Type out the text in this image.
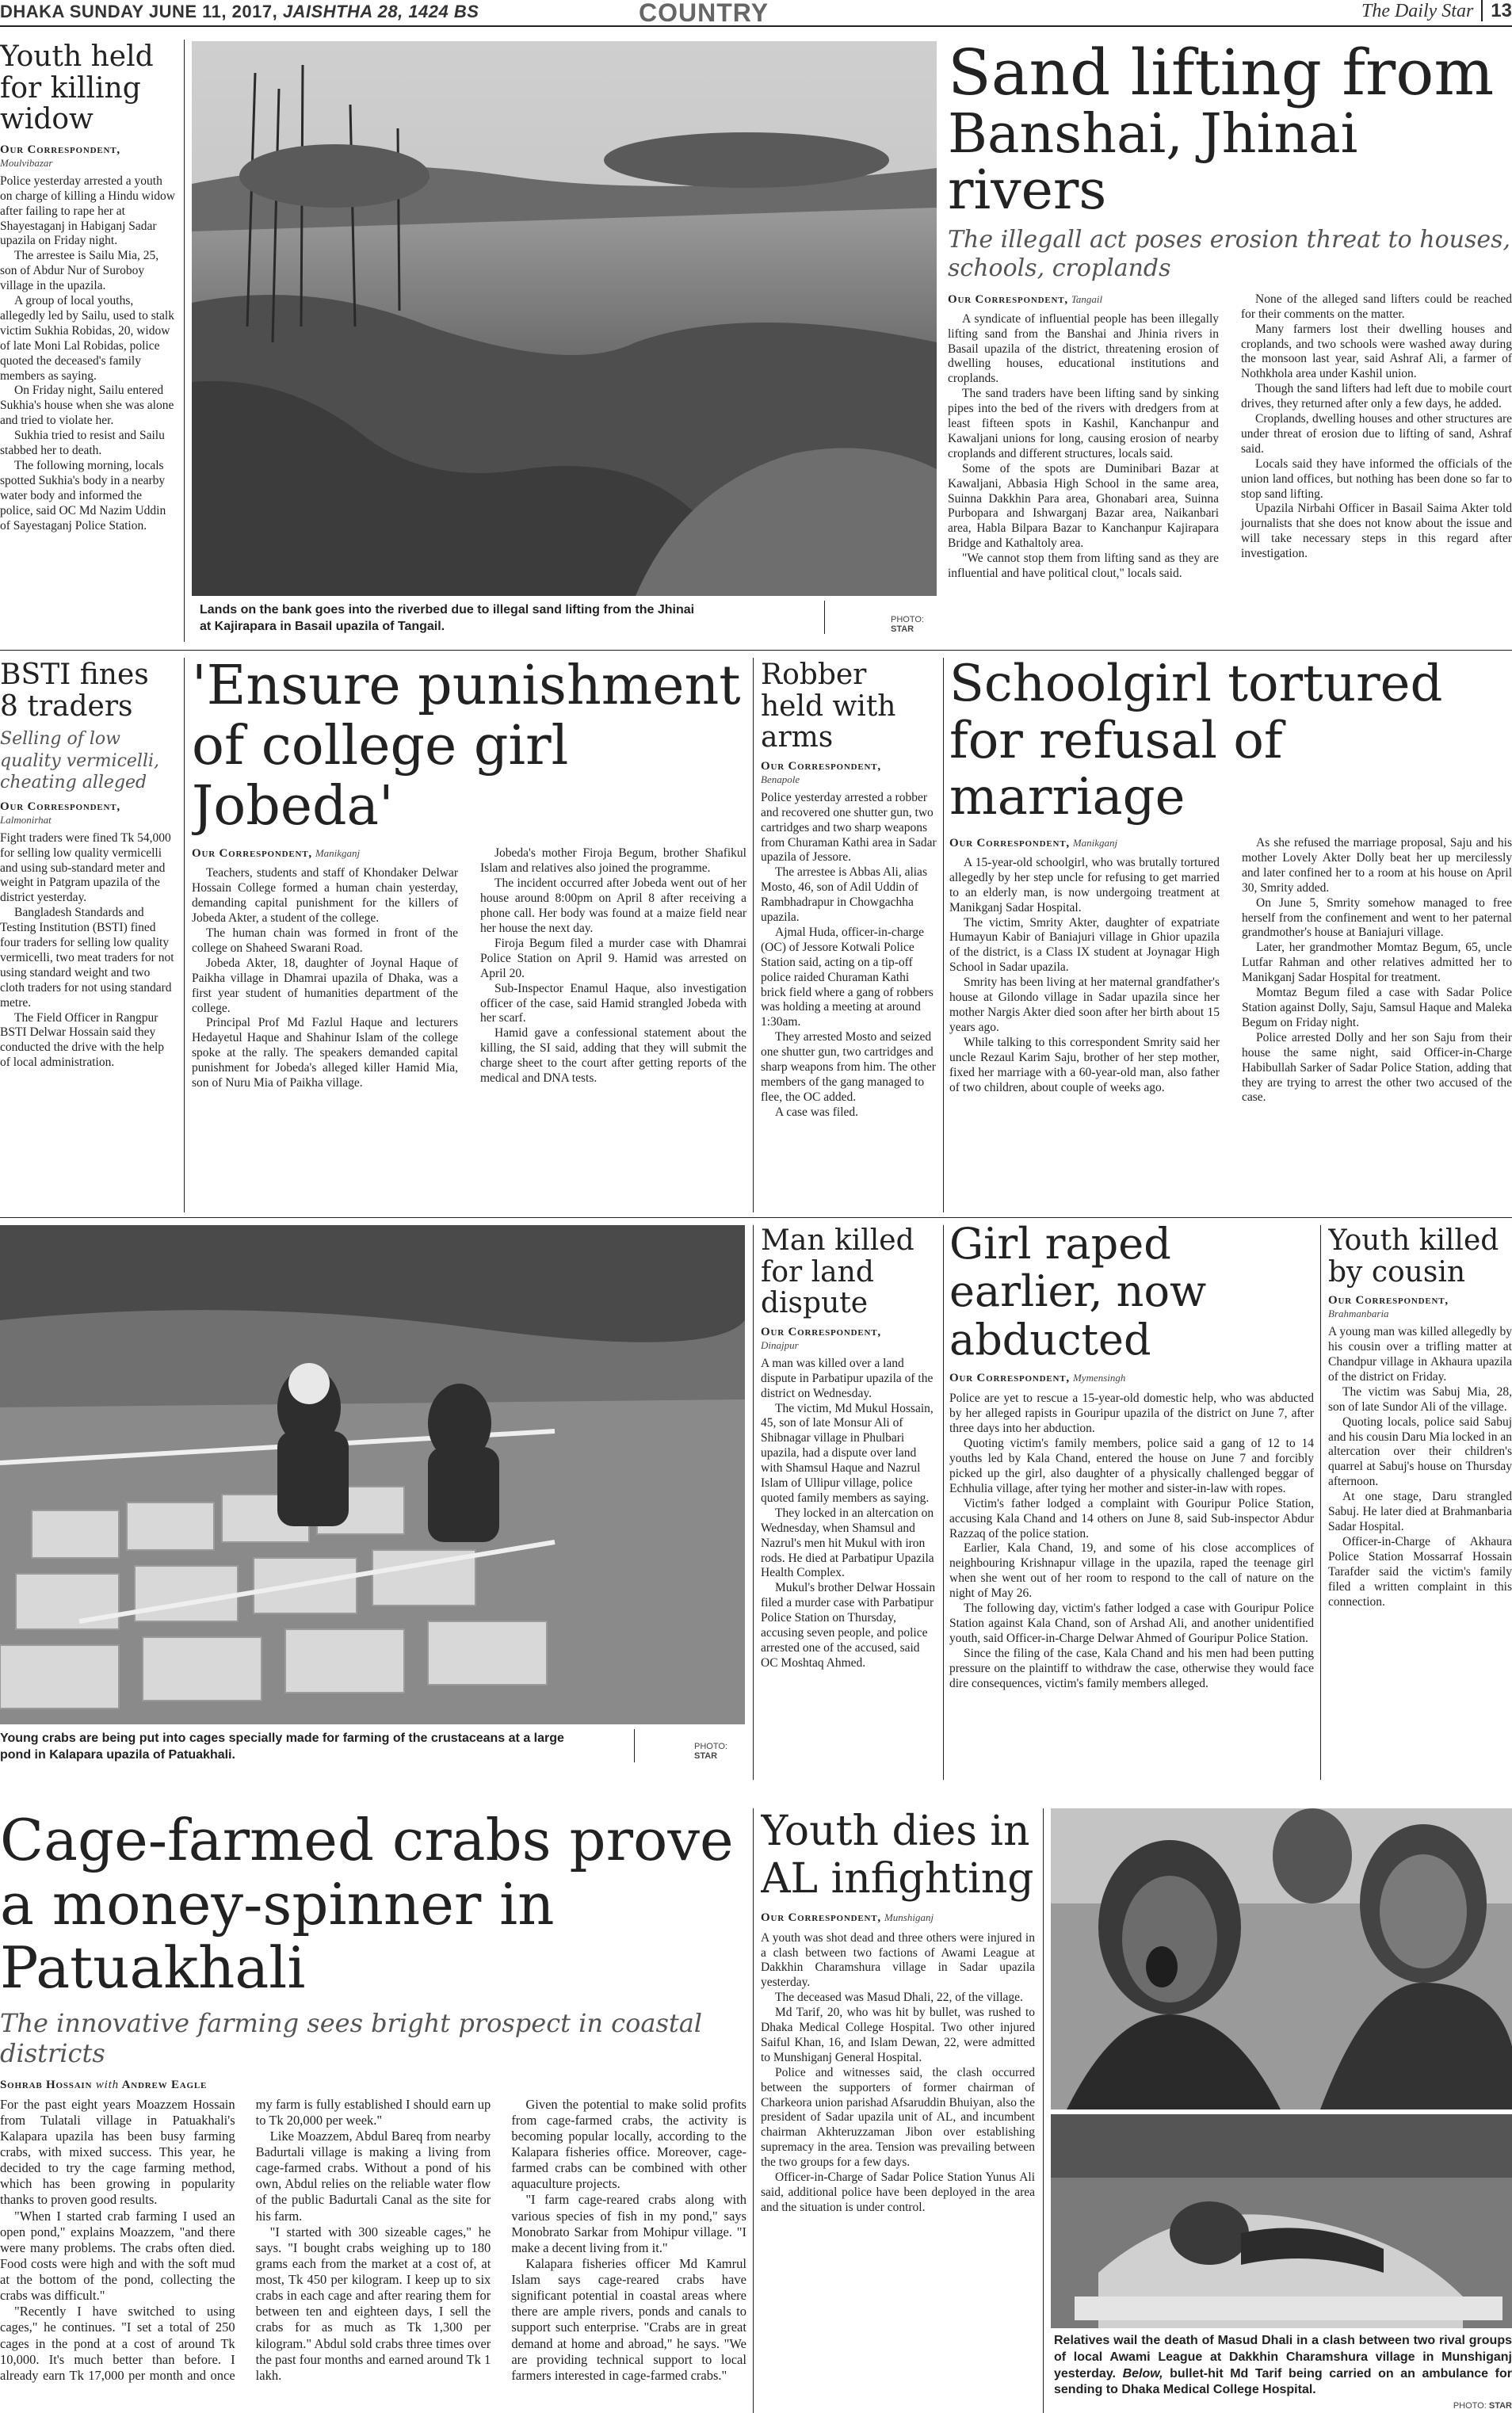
DHAKA SUNDAY JUNE 11, 2017, JAISHTHA 28, 1424 BS	COUNTRY	The Daily Star 13
Youth held for killing widow
Our Correspondent,
Moulvibazar

Police yesterday arrested a youth on charge of killing a Hindu widow after failing to rape her at Shayestaganj in Habiganj Sadar upazila on Friday night.

The arrestee is Sailu Mia, 25, son of Abdur Nur of Suroboy village in the upazila.

A group of local youths, allegedly led by Sailu, used to stalk victim Sukhia Robidas, 20, widow of late Moni Lal Robidas, police quoted the deceased's family members as saying.

On Friday night, Sailu entered Sukhia's house when she was alone and tried to violate her.

Sukhia tried to resist and Sailu stabbed her to death.

The following morning, locals spotted Sukhia's body in a nearby water body and informed the police, said OC Md Nazim Uddin of Sayestaganj Police Station.

Lands on the bank goes into the riverbed due to illegal sand lifting from the Jhinai at Kajirapara in Basail upazila of Tangail.	PHOTO:
STAR
Sand lifting from
Banshai, Jhinai rivers
The illegall act poses erosion threat to houses, schools, croplands
Our Correspondent, Tangail

A syndicate of influential people has been illegally lifting sand from the Banshai and Jhinia rivers in Basail upazila of the district, threatening erosion of dwelling houses, educational institutions and croplands.

The sand traders have been lifting sand by sinking pipes into the bed of the rivers with dredgers from at least fifteen spots in Kashil, Kanchanpur and Kawaljani unions for long, causing erosion of nearby croplands and different structures, locals said.

Some of the spots are Duminibari Bazar at Kawaljani, Abbasia High School in the same area, Suinna Dakkhin Para area, Ghonabari area, Suinna Purbopara and Ishwarganj Bazar area, Naikanbari area, Habla Bilpara Bazar to Kanchanpur Kajirapara Bridge and Kathaltoly area.

"We cannot stop them from lifting sand as they are influential and have political clout," locals said.

None of the alleged sand lifters could be reached for their comments on the matter.

Many farmers lost their dwelling houses and croplands, and two schools were washed away during the monsoon last year, said Ashraf Ali, a farmer of Nothkhola area under Kashil union.

Though the sand lifters had left due to mobile court drives, they returned after only a few days, he added.

Croplands, dwelling houses and other structures are under threat of erosion due to lifting of sand, Ashraf said.

Locals said they have informed the officials of the union land offices, but nothing has been done so far to stop sand lifting.

Upazila Nirbahi Officer in Basail Saima Akter told journalists that she does not know about the issue and will take necessary steps in this regard after investigation.

BSTI fines 8 traders
Selling of low quality vermicelli, cheating alleged
Our Correspondent,
Lalmonirhat

Fight traders were fined Tk 54,000 for selling low quality vermicelli and using sub-standard meter and weight in Patgram upazila of the district yesterday.

Bangladesh Standards and Testing Institution (BSTI) fined four traders for selling low quality vermicelli, two meat traders for not using standard weight and two cloth traders for not using standard metre.

The Field Officer in Rangpur BSTI Delwar Hossain said they conducted the drive with the help of local administration.

'Ensure punishment of college girl Jobeda'
Our Correspondent, Manikganj

Teachers, students and staff of Khondaker Delwar Hossain College formed a human chain yesterday, demanding capital punishment for the killers of Jobeda Akter, a student of the college.

The human chain was formed in front of the college on Shaheed Swarani Road.

Jobeda Akter, 18, daughter of Joynal Haque of Paikha village in Dhamrai upazila of Dhaka, was a first year student of humanities department of the college.

Principal Prof Md Fazlul Haque and lecturers Hedayetul Haque and Shahinur Islam of the college spoke at the rally. The speakers demanded capital punishment for Jobeda's alleged killer Hamid Mia, son of Nuru Mia of Paikha village.

Jobeda's mother Firoja Begum, brother Shafikul Islam and relatives also joined the programme.

The incident occurred after Jobeda went out of her house around 8:00pm on April 8 after receiving a phone call. Her body was found at a maize field near her house the next day.

Firoja Begum filed a murder case with Dhamrai Police Station on April 9. Hamid was arrested on April 20.

Sub-Inspector Enamul Haque, also investigation officer of the case, said Hamid strangled Jobeda with her scarf.

Hamid gave a confessional statement about the killing, the SI said, adding that they will submit the charge sheet to the court after getting reports of the medical and DNA tests.

Robber held with arms
Our Correspondent,
Benapole

Police yesterday arrested a robber and recovered one shutter gun, two cartridges and two sharp weapons from Churaman Kathi area in Sadar upazila of Jessore.

The arrestee is Abbas Ali, alias Mosto, 46, son of Adil Uddin of Rambhadrapur in Chowgachha upazila.

Ajmal Huda, officer-in-charge (OC) of Jessore Kotwali Police Station said, acting on a tip-off police raided Churaman Kathi brick field where a gang of robbers was holding a meeting at around 1:30am.

They arrested Mosto and seized one shutter gun, two cartridges and sharp weapons from him. The other members of the gang managed to flee, the OC added.

A case was filed.

Schoolgirl tortured for refusal of marriage
Our Correspondent, Manikganj

A 15-year-old schoolgirl, who was brutally tortured allegedly by her step uncle for refusing to get married to an elderly man, is now undergoing treatment at Manikganj Sadar Hospital.

The victim, Smrity Akter, daughter of expatriate Humayun Kabir of Baniajuri village in Ghior upazila of the district, is a Class IX student at Joynagar High School in Sadar upazila.

Smrity has been living at her maternal grandfather's house at Gilondo village in Sadar upazila since her mother Nargis Akter died soon after her birth about 15 years ago.

While talking to this correspondent Smrity said her uncle Rezaul Karim Saju, brother of her step mother, fixed her marriage with a 60-year-old man, also father of two children, about couple of weeks ago.

As she refused the marriage proposal, Saju and his mother Lovely Akter Dolly beat her up mercilessly and later confined her to a room at his house on April 30, Smrity added.

On June 5, Smrity somehow managed to free herself from the confinement and went to her paternal grandmother's house at Baniajuri village.

Later, her grandmother Momtaz Begum, 65, uncle Lutfar Rahman and other relatives admitted her to Manikganj Sadar Hospital for treatment.

Momtaz Begum filed a case with Sadar Police Station against Dolly, Saju, Samsul Haque and Maleka Begum on Friday night.

Police arrested Dolly and her son Saju from their house the same night, said Officer-in-Charge Habibullah Sarker of Sadar Police Station, adding that they are trying to arrest the other two accused of the case.

Young crabs are being put into cages specially made for farming of the crustaceans at a large pond in Kalapara upazila of Patuakhali.
PHOTO:
STAR
Man killed for land dispute
Our Correspondent,
Dinajpur

A man was killed over a land dispute in Parbatipur upazila of the district on Wednesday.

The victim, Md Mukul Hossain, 45, son of late Monsur Ali of Shibnagar village in Phulbari upazila, had a dispute over land with Shamsul Haque and Nazrul Islam of Ullipur village, police quoted family members as saying.

They locked in an altercation on Wednesday, when Shamsul and Nazrul's men hit Mukul with iron rods. He died at Parbatipur Upazila Health Complex.

Mukul's brother Delwar Hossain filed a murder case with Parbatipur Police Station on Thursday, accusing seven people, and police arrested one of the accused, said OC Moshtaq Ahmed.

Girl raped earlier, now abducted
Our Correspondent, Mymensingh

Police are yet to rescue a 15-year-old domestic help, who was abducted by her alleged rapists in Gouripur upazila of the district on June 7, after three days into her abduction.

Quoting victim's family members, police said a gang of 12 to 14 youths led by Kala Chand, entered the house on June 7 and forcibly picked up the girl, also daughter of a physically challenged beggar of Echhulia village, after tying her mother and sister-in-law with ropes.

Victim's father lodged a complaint with Gouripur Police Station, accusing Kala Chand and 14 others on June 8, said Sub-inspector Abdur Razzaq of the police station.

Earlier, Kala Chand, 19, and some of his close accomplices of neighbouring Krishnapur village in the upazila, raped the teenage girl when she went out of her room to respond to the call of nature on the night of May 26.

The following day, victim's father lodged a case with Gouripur Police Station against Kala Chand, son of Arshad Ali, and another unidentified youth, said Officer-in-Charge Delwar Ahmed of Gouripur Police Station.

Since the filing of the case, Kala Chand and his men had been putting pressure on the plaintiff to withdraw the case, otherwise they would face dire consequences, victim's family members alleged.

Youth killed by cousin
Our Correspondent,
Brahmanbaria

A young man was killed allegedly by his cousin over a trifling matter at Chandpur village in Akhaura upazila of the district on Friday.

The victim was Sabuj Mia, 28, son of late Sundor Ali of the village.

Quoting locals, police said Sabuj and his cousin Daru Mia locked in an altercation over their children's quarrel at Sabuj's house on Thursday afternoon.

At one stage, Daru strangled Sabuj. He later died at Brahmanbaria Sadar Hospital.

Officer-in-Charge of Akhaura Police Station Mossarraf Hossain Tarafder said the victim's family filed a written complaint in this connection.

Cage-farmed crabs prove a money-spinner in Patuakhali
The innovative farming sees bright prospect in coastal districts
Sohrab Hossain with Andrew Eagle

For the past eight years Moazzem Hossain from Tulatali village in Patuakhali's Kalapara upazila has been busy farming crabs, with mixed success. This year, he decided to try the cage farming method, which has been growing in popularity thanks to proven good results.

"When I started crab farming I used an open pond," explains Moazzem, "and there were many problems. The crabs often died. Food costs were high and with the soft mud at the bottom of the pond, collecting the crabs was difficult."

"Recently I have switched to using cages," he continues. "I set a total of 250 cages in the pond at a cost of around Tk 10,000. It's much better than before. I already earn Tk 17,000 per month and once my farm is fully established I should earn up to Tk 20,000 per week."

Like Moazzem, Abdul Bareq from nearby Badurtali village is making a living from cage-farmed crabs. Without a pond of his own, Abdul relies on the reliable water flow of the public Badurtali Canal as the site for his farm.

"I started with 300 sizeable cages," he says. "I bought crabs weighing up to 180 grams each from the market at a cost of, at most, Tk 450 per kilogram. I keep up to six crabs in each cage and after rearing them for between ten and eighteen days, I sell the crabs for as much as Tk 1,300 per kilogram." Abdul sold crabs three times over the past four months and earned around Tk 1 lakh.

Given the potential to make solid profits from cage-farmed crabs, the activity is becoming popular locally, according to the Kalapara fisheries office. Moreover, cage-farmed crabs can be combined with other aquaculture projects.

"I farm cage-reared crabs along with various species of fish in my pond," says Monobrato Sarkar from Mohipur village. "I make a decent living from it."

Kalapara fisheries officer Md Kamrul Islam says cage-reared crabs have significant potential in coastal areas where there are ample rivers, ponds and canals to support such enterprise. "Crabs are in great demand at home and abroad," he says. "We are providing technical support to local farmers interested in cage-farmed crabs."

Youth dies in AL infighting
Our Correspondent, Munshiganj

A youth was shot dead and three others were injured in a clash between two factions of Awami League at Dakkhin Charamshura village in Sadar upazila yesterday.

The deceased was Masud Dhali, 22, of the village.

Md Tarif, 20, who was hit by bullet, was rushed to Dhaka Medical College Hospital. Two other injured Saiful Khan, 16, and Islam Dewan, 22, were admitted to Munshiganj General Hospital.

Police and witnesses said, the clash occurred between the supporters of former chairman of Charkeora union parishad Afsaruddin Bhuiyan, also the president of Sadar upazila unit of AL, and incumbent chairman Akhteruzzaman Jibon over establishing supremacy in the area. Tension was prevailing between the two groups for a few days.

Officer-in-Charge of Sadar Police Station Yunus Ali said, additional police have been deployed in the area and the situation is under control.

Relatives wail the death of Masud Dhali in a clash between two rival groups of local Awami League at Dakkhin Charamshura village in Munshiganj yesterday. Below, bullet-hit Md Tarif being carried on an ambulance for sending to Dhaka Medical College Hospital.
PHOTO: STAR
